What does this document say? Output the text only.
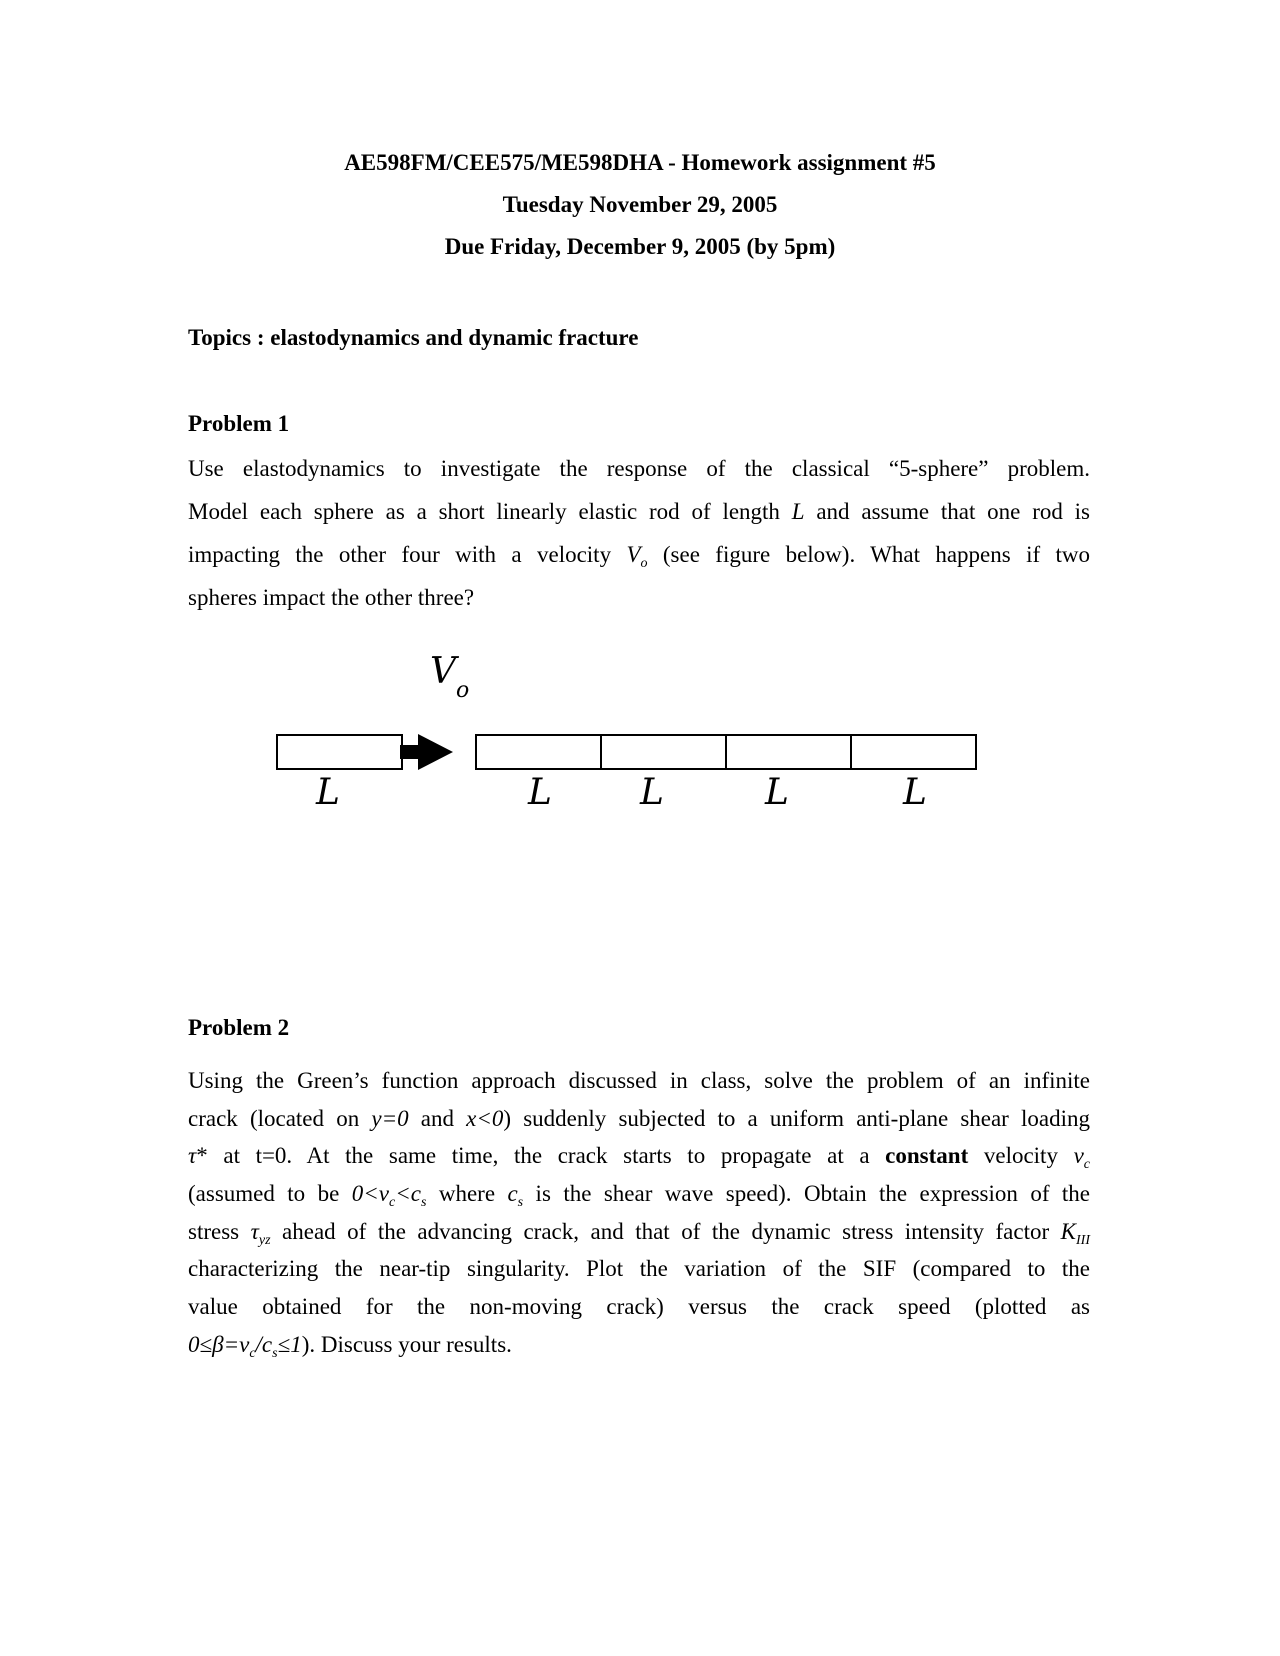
AE598FM/CEE575/ME598DHA - Homework assignment #5
Tuesday November 29, 2005
Due Friday, December 9, 2005 (by 5pm)
Topics : elastodynamics and dynamic fracture
Problem 1
Use elastodynamics to investigate the response of the classical “5-sphere” problem.
Model each sphere as a short linearly elastic rod of length L and assume that one rod is
impacting the other four with a velocity $V_o$ (see figure below). What happens if two
spheres impact the other three?
$V_o$
L	L L	L	L
Problem 2
Using the Green’s function approach discussed in class, solve the problem of an infinite
crack (located on y=0 and x<0) suddenly subjected to a uniform anti-plane shear loading
τ* at t=0. At the same time, the crack starts to propagate at a constant velocity $v_c$
(assumed to be $0<v_c<c_s$ where $c_s$ is the shear wave speed). Obtain the expression of the
stress $\tau_{yz}$ ahead of the advancing crack, and that of the dynamic stress intensity factor $K_{III}$
characterizing the near-tip singularity. Plot the variation of the SIF (compared to the
value obtained for the non-moving crack) versus the crack speed (plotted as
$0\le\beta=v_c/c_s\le 1$). Discuss your results.
